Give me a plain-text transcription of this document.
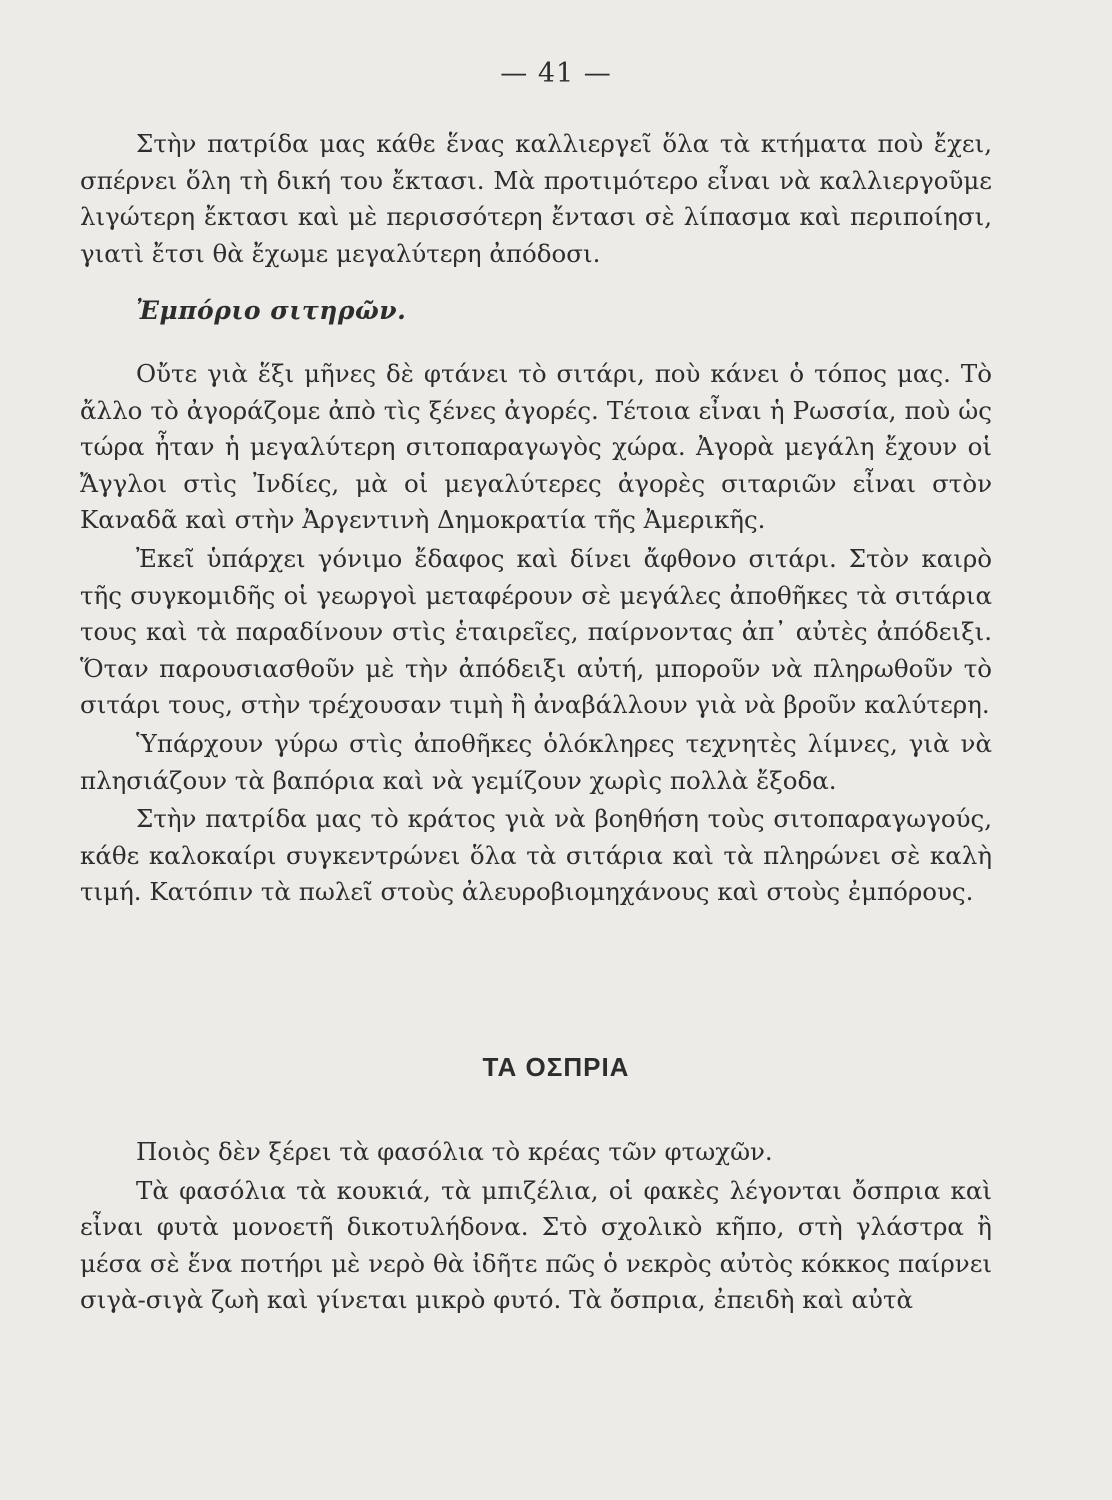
— 41 —

Στὴν πατρίδα μας κάθε ἕνας καλλιεργεῖ ὅλα τὰ κτήματα ποὺ ἔχει, σπέρνει ὅλη τὴ δική του ἔκτασι. Μὰ προτιμότερο εἶναι νὰ καλλιεργοῦμε λιγώτερη ἔκτασι καὶ μὲ περισσότερη ἔντασι σὲ λίπασμα καὶ περιποίησι, γιατὶ ἔτσι θὰ ἔχωμε μεγαλύτερη ἀπόδοσι.

Ἐμπόριο σιτηρῶν.

Οὔτε γιὰ ἕξι μῆνες δὲ φτάνει τὸ σιτάρι, ποὺ κάνει ὁ τόπος μας. Τὸ ἄλλο τὸ ἀγοράζομε ἀπὸ τὶς ξένες ἀγορές. Τέτοια εἶναι ἡ Ρωσσία, ποὺ ὡς τώρα ἦταν ἡ μεγαλύτερη σιτοπαραγωγὸς χώρα. Ἀγορὰ μεγάλη ἔχουν οἱ Ἄγγλοι στὶς Ἰνδίες, μὰ οἱ μεγαλύτερες ἀγορὲς σιταριῶν εἶναι στὸν Καναδᾶ καὶ στὴν Ἀργεντινὴ Δημοκρατία τῆς Ἀμερικῆς.

Ἐκεῖ ὑπάρχει γόνιμο ἔδαφος καὶ δίνει ἄφθονο σιτάρι. Στὸν καιρὸ τῆς συγκομιδῆς οἱ γεωργοὶ μεταφέρουν σὲ μεγάλες ἀποθῆκες τὰ σιτάρια τους καὶ τὰ παραδίνουν στὶς ἑταιρεῖες, παίρνοντας ἀπ᾽ αὐτὲς ἀπόδειξι. Ὅταν παρουσιασθοῦν μὲ τὴν ἀπόδειξι αὐτή, μποροῦν νὰ πληρωθοῦν τὸ σιτάρι τους, στὴν τρέχουσαν τιμὴ ἢ ἀναβάλλουν γιὰ νὰ βροῦν καλύτερη.

Ὑπάρχουν γύρω στὶς ἀποθῆκες ὁλόκληρες τεχνητὲς λίμνες, γιὰ νὰ πλησιάζουν τὰ βαπόρια καὶ νὰ γεμίζουν χωρὶς πολλὰ ἔξοδα.

Στὴν πατρίδα μας τὸ κράτος γιὰ νὰ βοηθήση τοὺς σιτοπαραγωγούς, κάθε καλοκαίρι συγκεντρώνει ὅλα τὰ σιτάρια καὶ τὰ πληρώνει σὲ καλὴ τιμή. Κατόπιν τὰ πωλεῖ στοὺς ἀλευροβιομηχάνους καὶ στοὺς ἐμπόρους.

ΤΑ ΟΣΠΡΙΑ

Ποιὸς δὲν ξέρει τὰ φασόλια τὸ κρέας τῶν φτωχῶν.

Τὰ φασόλια τὰ κουκιά, τὰ μπιζέλια, οἱ φακὲς λέγονται ὄσπρια καὶ εἶναι φυτὰ μονοετῆ δικοτυλήδονα. Στὸ σχολικὸ κῆπο, στὴ γλάστρα ἢ μέσα σὲ ἕνα ποτήρι μὲ νερὸ θὰ ἰδῆτε πῶς ὁ νεκρὸς αὐτὸς κόκκος παίρνει σιγὰ-σιγὰ ζωὴ καὶ γίνεται μικρὸ φυτό. Τὰ ὄσπρια, ἐπειδὴ καὶ αὐτὰ
